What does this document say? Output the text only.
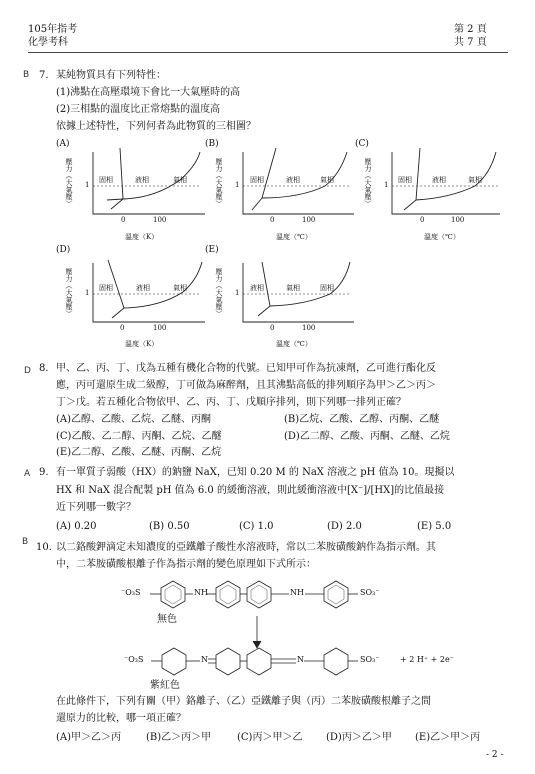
105年指考
化學考科
第 2 頁
共 7 頁
B 7. 某純物質具有下列特性：
(1)沸點在高壓環境下會比一大氣壓時的高
(2)三相點的溫度比正常熔點的溫度高
依據上述特性，下列何者為此物質的三相圖？
(A)	(B)	(C)
(D)	(E)
壓力（大氣壓） 1
固相	液相	氣相
0	100
溫度（K）
壓力（大氣壓） 1
固相	液相	氣相
0	100
溫度（℃）
壓力（大氣壓） 1
固相	液相	氣相
0	100
溫度（℃）
壓力（大氣壓） 1
固相	液相	氣相
0	100
溫度（K）
壓力（大氣壓） 1
液相	氣相	固相
0	100
溫度（℃）
D 8. 甲、乙、丙、丁、戊為五種有機化合物的代號。已知甲可作為抗凍劑，乙可進行酯化反
應，丙可還原生成二級醇，丁可做為麻醉劑，且其沸點高低的排列順序為甲＞乙＞丙＞
丁＞戊。若五種化合物依甲、乙、丙、丁、戊順序排列，則下列哪一排列正確？
(A)乙醇、乙酸、乙烷、乙醚、丙酮	(B)乙烷、乙酸、乙醇、丙酮、乙醚
(C)乙酸、乙二醇、丙酮、乙烷、乙醚	(D)乙二醇、乙酸、丙酮、乙醚、乙烷
(E)乙二醇、乙酸、乙醚、丙酮、乙烷
A 9. 有一單質子弱酸（HX）的鈉鹽 NaX，已知 0.20 M 的 NaX 溶液之 pH 值為 10。現擬以
HX 和 NaX 混合配製 pH 值為 6.0 的緩衝溶液，則此緩衝溶液中[X⁻]/[HX]的比值最接
近下列哪一數字？
(A) 0.20	(B) 0.50	(C) 1.0	(D) 2.0	(E) 5.0
B 10. 以二鉻酸鉀滴定未知濃度的亞鐵離子酸性水溶液時，常以二苯胺磺酸鈉作為指示劑。其
中，二苯胺磺酸根離子作為指示劑的變色原理如下式所示：
⁻O₃S	NH	NH	SO₃⁻
無色
⁻O₃S	N	N	SO₃⁻	+ 2 H⁺ + 2e⁻
紫紅色
在此條件下，下列有關（甲）鉻離子、（乙）亞鐵離子與（丙）二苯胺磺酸根離子之間
還原力的比較，哪一項正確？
(A)甲＞乙＞丙 (B)乙＞丙＞甲	(C)丙＞甲＞乙 (D)丙＞乙＞甲 (E)乙＞甲＞丙
- 2 -
